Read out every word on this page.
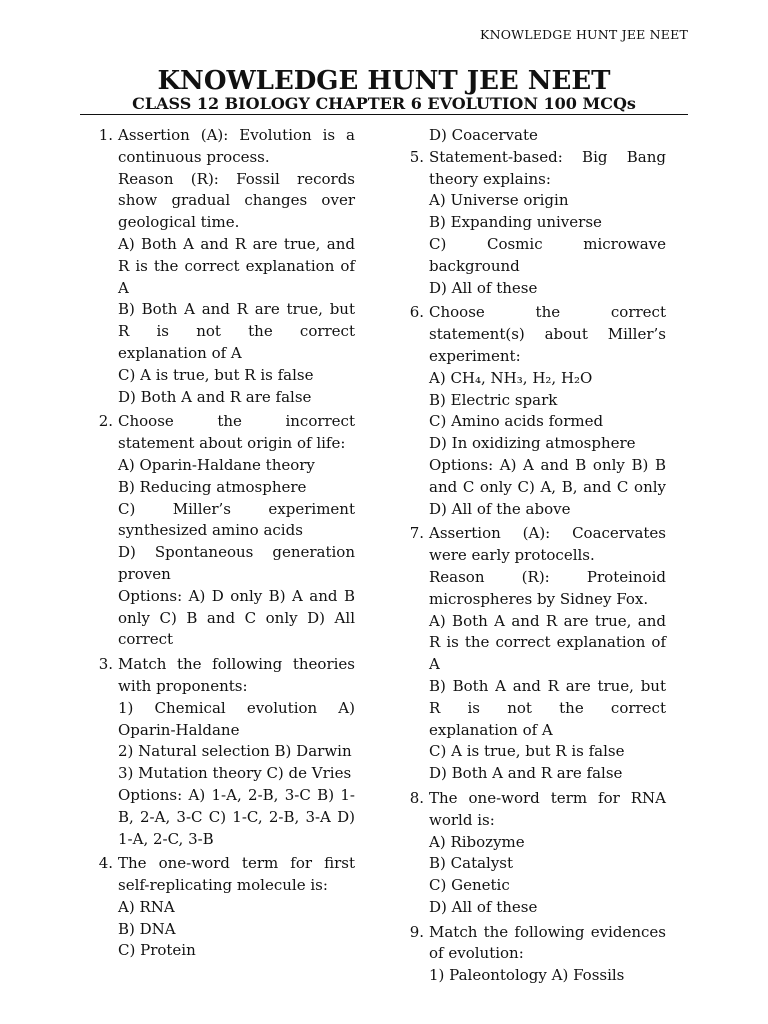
KNOWLEDGE HUNT JEE NEET
KNOWLEDGE HUNT JEE NEET
CLASS 12 BIOLOGY CHAPTER 6 EVOLUTION 100 MCQs
1. Assertion (A): Evolution is a continuous process.
Reason (R): Fossil records show gradual changes over geological time.
A) Both A and R are true, and R is the correct explanation of A
B) Both A and R are true, but R is not the correct explanation of A
C) A is true, but R is false
D) Both A and R are false
2. Choose the incorrect statement about origin of life:
A) Oparin-Haldane theory
B) Reducing atmosphere
C) Miller’s experiment synthesized amino acids
D) Spontaneous generation proven
Options: A) D only B) A and B only C) B and C only D) All correct
3. Match the following theories with proponents:
1) Chemical evolution A) Oparin-Haldane
2) Natural selection B) Darwin
3) Mutation theory C) de Vries
Options: A) 1-A, 2-B, 3-C B) 1-B, 2-A, 3-C C) 1-C, 2-B, 3-A D) 1-A, 2-C, 3-B
4. The one-word term for first self-replicating molecule is:
A) RNA
B) DNA
C) Protein
D) Coacervate
5. Statement-based: Big Bang theory explains:
A) Universe origin
B) Expanding universe
C) Cosmic microwave background
D) All of these
6. Choose the correct statement(s) about Miller’s experiment:
A) CH₄, NH₃, H₂, H₂O
B) Electric spark
C) Amino acids formed
D) In oxidizing atmosphere
Options: A) A and B only B) B and C only C) A, B, and C only D) All of the above
7. Assertion (A): Coacervates were early protocells.
Reason (R): Proteinoid microspheres by Sidney Fox.
A) Both A and R are true, and R is the correct explanation of A
B) Both A and R are true, but R is not the correct explanation of A
C) A is true, but R is false
D) Both A and R are false
8. The one-word term for RNA world is:
A) Ribozyme
B) Catalyst
C) Genetic
D) All of these
9. Match the following evidences of evolution:
1) Paleontology A) Fossils
